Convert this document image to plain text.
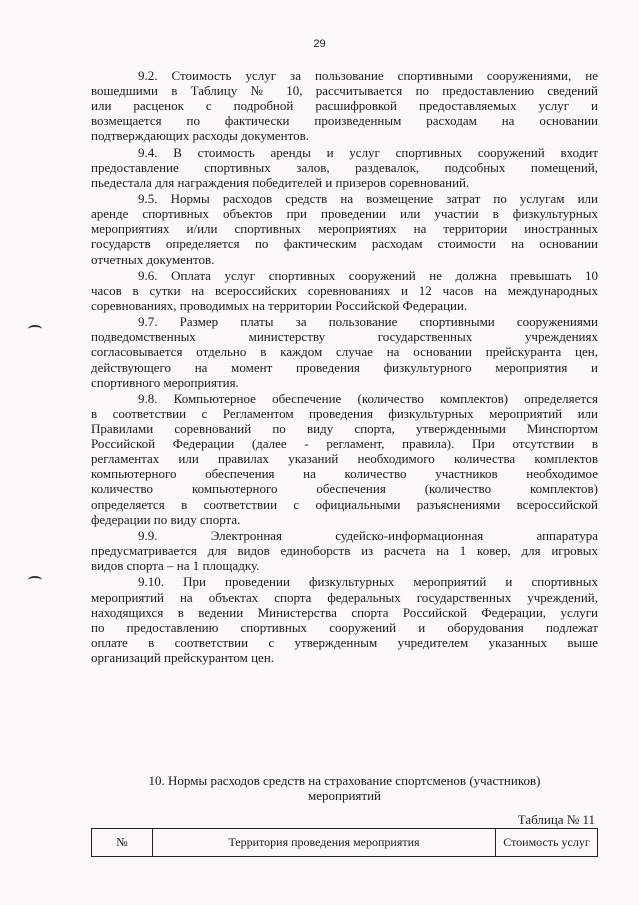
29
9.2. Стоимость услуг за пользование спортивными сооружениями, не
вошедшими в Таблицу № 10, рассчитывается по предоставлению сведений
или расценок с подробной расшифровкой предоставляемых услуг и
возмещается по фактически произведенным расходам на основании
подтверждающих расходы документов.
9.4. В стоимость аренды и услуг спортивных сооружений входит
предоставление спортивных залов, раздевалок, подсобных помещений,
пьедестала для награждения победителей и призеров соревнований.
9.5. Нормы расходов средств на возмещение затрат по услугам или
аренде спортивных объектов при проведении или участии в физкультурных
мероприятиях и/или спортивных мероприятиях на территории иностранных
государств определяется по фактическим расходам стоимости на основании
отчетных документов.
9.6. Оплата услуг спортивных сооружений не должна превышать 10
часов в сутки на всероссийских соревнованиях и 12 часов на международных
соревнованиях, проводимых на территории Российской Федерации.
9.7. Размер платы за пользование спортивными сооружениями
подведомственных министерству государственных учреждениях
согласовывается отдельно в каждом случае на основании прейскуранта цен,
действующего на момент проведения физкультурного мероприятия и
спортивного мероприятия.
9.8. Компьютерное обеспечение (количество комплектов) определяется
в соответствии с Регламентом проведения физкультурных мероприятий или
Правилами соревнований по виду спорта, утвержденными Минспортом
Российской Федерации (далее - регламент, правила). При отсутствии в
регламентах или правилах указаний необходимого количества комплектов
компьютерного обеспечения на количество участников необходимое
количество компьютерного обеспечения (количество комплектов)
определяется в соответствии с официальными разъяснениями всероссийской
федерации по виду спорта.
9.9. Электронная судейско-информационная аппаратура
предусматривается для видов единоборств из расчета на 1 ковер, для игровых
видов спорта – на 1 площадку.
9.10. При проведении физкультурных мероприятий и спортивных
мероприятий на объектах спорта федеральных государственных учреждений,
находящихся в ведении Министерства спорта Российской Федерации, услуги
по предоставлению спортивных сооружений и оборудования подлежат
оплате в соответствии с утвержденным учредителем указанных выше
организаций прейскурантом цен.
10. Нормы расходов средств на страхование спортсменов (участников)
мероприятий
Таблица № 11
№	Территория проведения мероприятия	Стоимость услуг
